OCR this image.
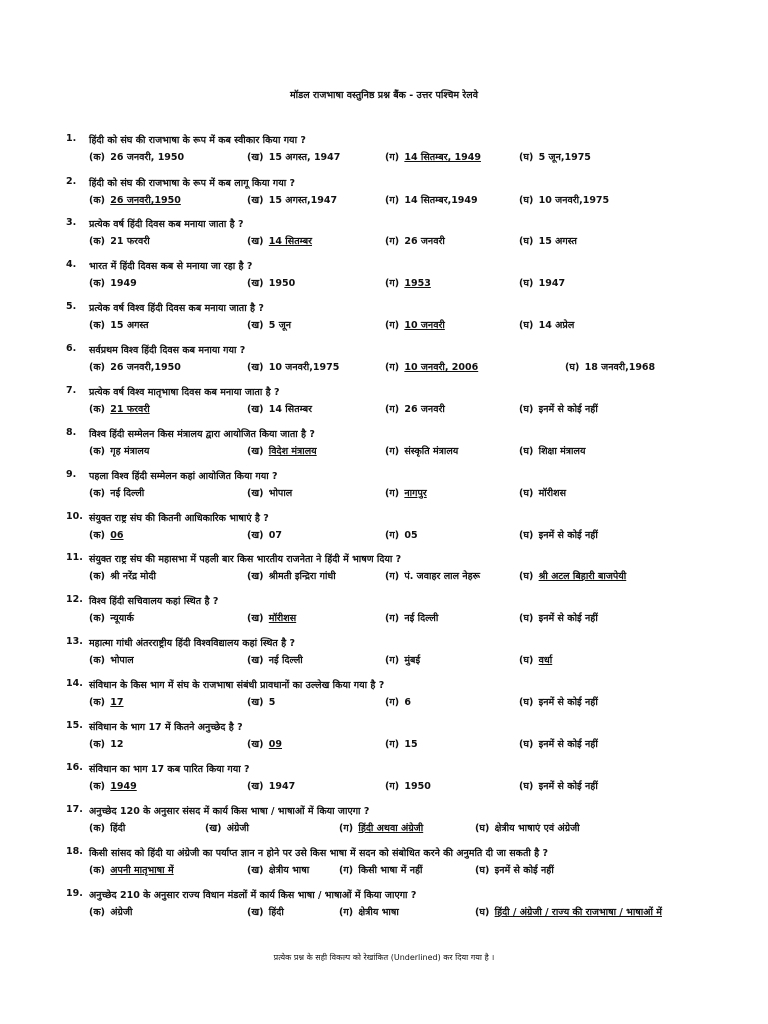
मॉडल राजभाषा वस्तुनिष्ठ प्रश्न बैंक - उत्तर पश्चिम रेलवे
1. हिंदी को संघ की राजभाषा के रूप में कब स्वीकार किया गया ?
(क) 26 जनवरी, 1950	(ख) 15 अगस्त, 1947	(ग) 14 सितम्बर, 1949	(घ) 5 जून,1975
2. हिंदी को संघ की राजभाषा के रूप में कब लागू किया गया ?
(क) 26 जनवरी,1950	(ख) 15 अगस्त,1947	(ग) 14 सितम्बर,1949	(घ) 10 जनवरी,1975
3. प्रत्येक वर्ष हिंदी दिवस कब मनाया जाता है ?
(क) 21 फरवरी	(ख) 14 सितम्बर	(ग) 26 जनवरी	(घ) 15 अगस्त
4. भारत में हिंदी दिवस कब से मनाया जा रहा है ?
(क) 1949	(ख) 1950	(ग) 1953	(घ) 1947
5. प्रत्येक वर्ष विश्व हिंदी दिवस कब मनाया जाता है ?
(क) 15 अगस्त	(ख) 5 जून	(ग) 10 जनवरी	(घ) 14 अप्रेल
6. सर्वप्रथम विश्व हिंदी दिवस कब मनाया गया ?
(क) 26 जनवरी,1950	(ख) 10 जनवरी,1975	(ग) 10 जनवरी, 2006	(घ) 18 जनवरी,1968
7. प्रत्येक वर्ष विश्व मातृभाषा दिवस कब मनाया जाता है ?
(क) 21 फरवरी	(ख) 14 सितम्बर	(ग) 26 जनवरी	(घ) इनमें से कोई नहीं
8. विश्व हिंदी सम्मेलन किस मंत्रालय द्वारा आयोजित किया जाता है ?
(क) गृह मंत्रालय	(ख) विदेश मंत्रालय	(ग) संस्कृति मंत्रालय	(घ) शिक्षा मंत्रालय
9. पहला विश्व हिंदी सम्मेलन कहां आयोजित किया गया ?
(क) नई दिल्ली	(ख) भोपाल	(ग) नागपुर	(घ) मॉरीशस
10. संयुक्त राष्ट्र संघ की कितनी आधिकारिक भाषाएं है ?
(क) 06	(ख) 07	(ग) 05	(घ) इनमें से कोई नहीं
11. संयुक्त राष्ट्र संघ की महासभा में पहली बार किस भारतीय राजनेता ने हिंदी में भाषण दिया ?
(क) श्री नरेंद्र मोदी	(ख) श्रीमती इन्द्रिरा गांधी	(ग) पं. जवाहर लाल नेहरू	(घ) श्री अटल बिहारी बाजपेयी
12. विश्व हिंदी सचिवालय कहां स्थित है ?
(क) न्यूयार्क	(ख) मॉरीशस	(ग) नई दिल्ली	(घ) इनमें से कोई नहीं
13. महात्मा गांधी अंतरराष्ट्रीय हिंदी विश्वविद्यालय कहां स्थित है ?
(क) भोपाल	(ख) नई दिल्ली	(ग) मुंबई	(घ) वर्धा
14. संविधान के किस भाग में संघ के राजभाषा संबंधी प्रावधानों का उल्लेख किया गया है ?
(क) 17	(ख) 5	(ग) 6	(घ) इनमें से कोई नहीं
15. संविधान के भाग 17 में कितने अनुच्छेद है ?
(क) 12	(ख) 09	(ग) 15	(घ) इनमें से कोई नहीं
16. संविधान का भाग 17 कब पारित किया गया ?
(क) 1949	(ख) 1947	(ग) 1950	(घ) इनमें से कोई नहीं
17. अनुच्छेद 120 के अनुसार संसद में कार्य किस भाषा / भाषाओं में किया जाएगा ?
(क) हिंदी	(ख) अंग्रेजी	(ग) हिंदी अथवा अंग्रेजी	(घ) क्षेत्रीय भाषाएं एवं अंग्रेजी
18. किसी सांसद को हिंदी या अंग्रेजी का पर्याप्त ज्ञान न होने पर उसे किस भाषा में सदन को संबोधित करने की अनुमति दी जा सकती है ?
(क) अपनी मातृभाषा में	(ख) क्षेत्रीय भाषा	(ग) किसी भाषा में नहीं	(घ) इनमें से कोई नहीं
19. अनुच्छेद 210 के अनुसार राज्य विधान मंडलों में कार्य किस भाषा / भाषाओं में किया जाएगा ?
(क) अंग्रेजी	(ख) हिंदी	(ग) क्षेत्रीय भाषा	(घ) हिंदी / अंग्रेजी / राज्य की राजभाषा / भाषाओं में
प्रत्येक प्रश्न के सही विकल्प को रेखांकित (Underlined) कर दिया गया है ।
